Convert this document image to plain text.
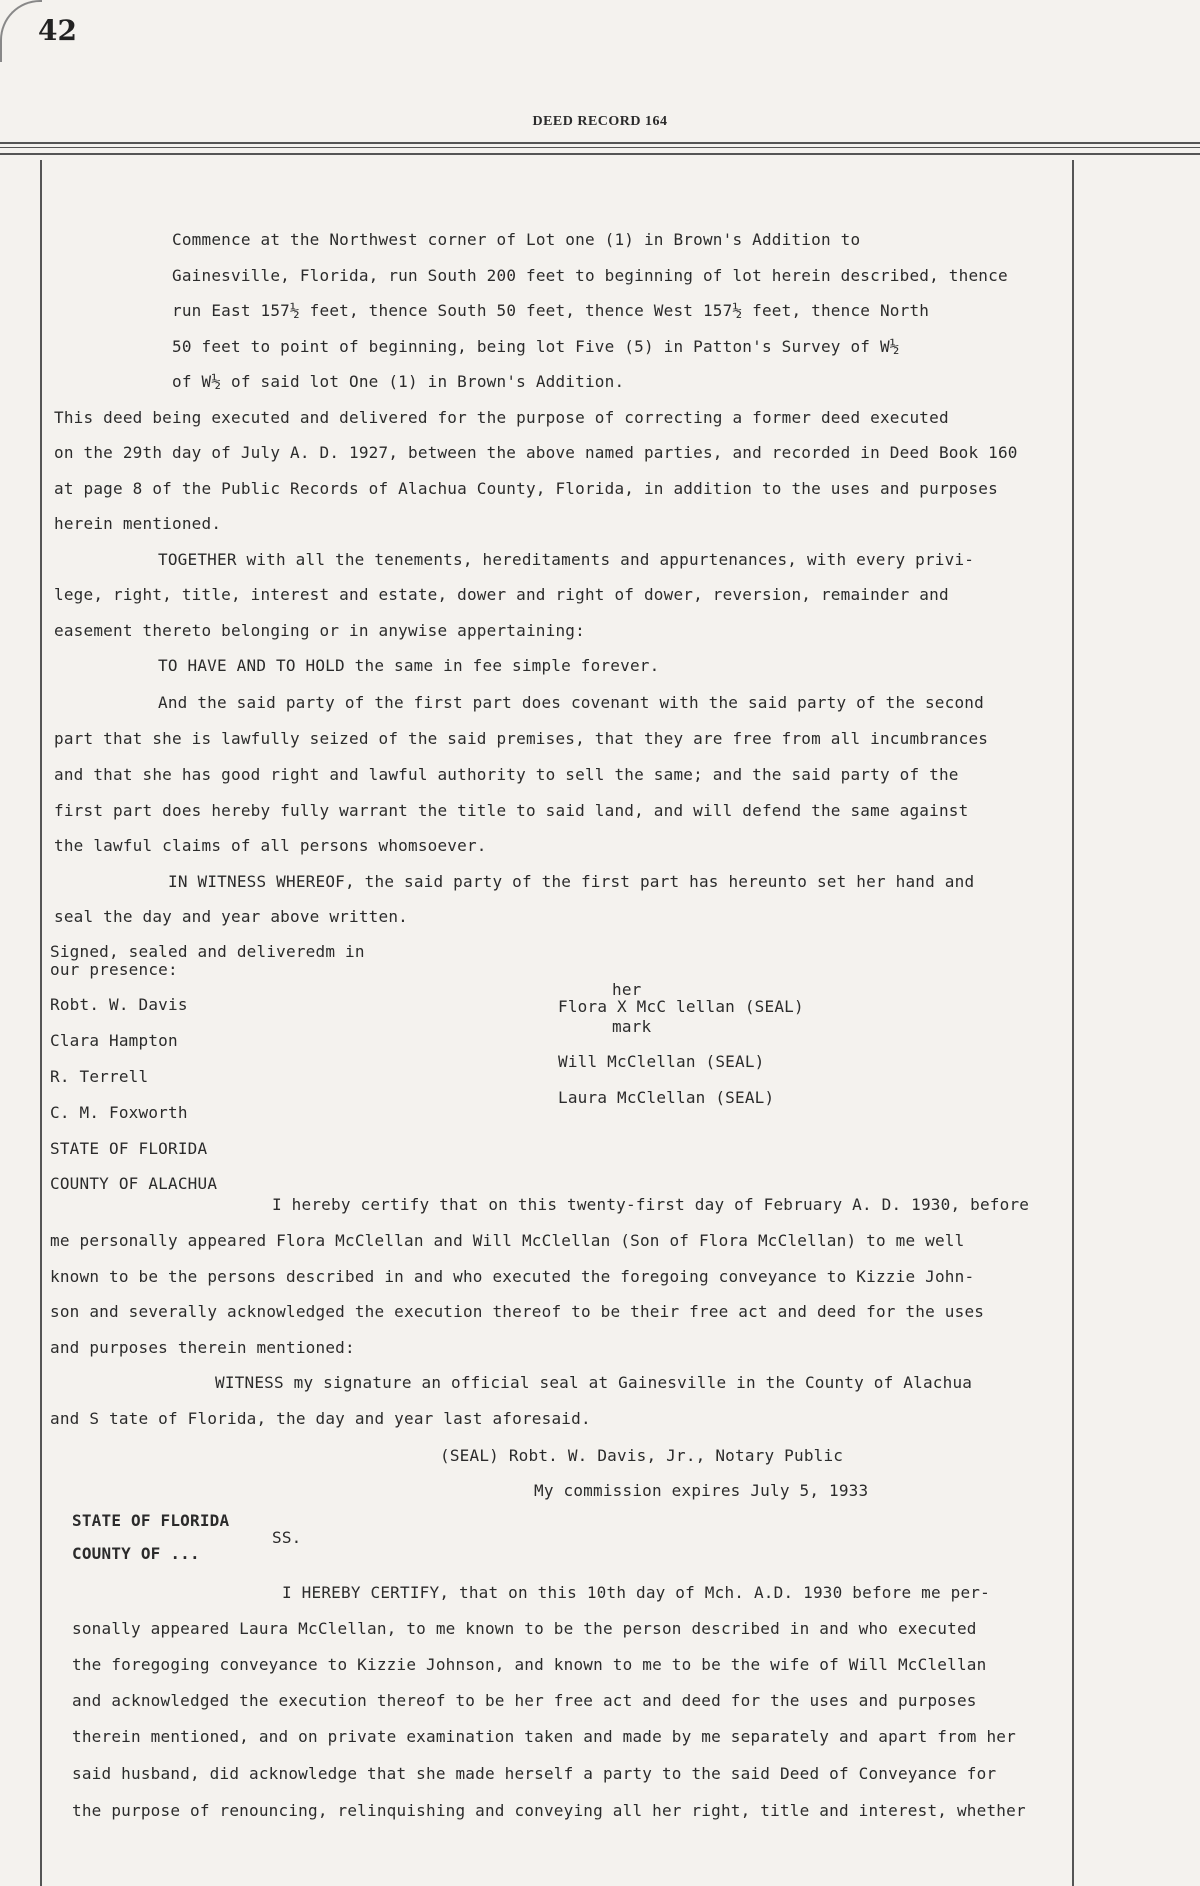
42
DEED RECORD 164
Commence at the Northwest corner of Lot one (1) in Brown's Addition to
Gainesville, Florida, run South 200 feet to beginning of lot herein described, thence
run East 157½ feet, thence South 50 feet, thence West 157½ feet, thence North
50 feet to point of beginning, being lot Five (5) in Patton's Survey of W½
of W½ of said lot One (1) in Brown's Addition.
This deed being executed and delivered for the purpose of correcting a former deed executed
on the 29th day of July A. D. 1927, between the above named parties, and recorded in Deed Book 160
at page 8 of the Public Records of Alachua County, Florida, in addition to the uses and purposes
herein mentioned.
TOGETHER with all the tenements, hereditaments and appurtenances, with every privi-
lege, right, title, interest and estate, dower and right of dower, reversion, remainder and
easement thereto belonging or in anywise appertaining:
TO HAVE AND TO HOLD the same in fee simple forever.
And the said party of the first part does covenant with the said party of the second
part that she is lawfully seized of the said premises, that they are free from all incumbrances
and that she has good right and lawful authority to sell the same; and the said party of the
first part does hereby fully warrant the title to said land, and will defend the same against
the lawful claims of all persons whomsoever.
IN WITNESS WHEREOF, the said party of the first part has hereunto set her hand and
seal the day and year above written.
Signed, sealed and deliveredm in
our presence:
her
Robt. W. Davis	Flora X McC lellan (SEAL)
mark
Clara Hampton
Will McClellan (SEAL)
R. Terrell
Laura McClellan (SEAL)
C. M. Foxworth
STATE OF FLORIDA
COUNTY OF ALACHUA
I hereby certify that on this twenty-first day of February A. D. 1930, before
me personally appeared Flora McClellan and Will McClellan (Son of Flora McClellan) to me well
known to be the persons described in and who executed the foregoing conveyance to Kizzie John-
son and severally acknowledged the execution thereof to be their free act and deed for the uses
and purposes therein mentioned:
WITNESS my signature an official seal at Gainesville in the County of Alachua
and S tate of Florida, the day and year last aforesaid.
(SEAL) Robt. W. Davis, Jr., Notary Public
My commission expires July 5, 1933
STATE OF FLORIDA
SS.
COUNTY OF ...
I HEREBY CERTIFY, that on this 10th day of Mch. A.D. 1930 before me per-
sonally appeared Laura McClellan, to me known to be the person described in and who executed
the foregoging conveyance to Kizzie Johnson, and known to me to be the wife of Will McClellan
and acknowledged the execution thereof to be her free act and deed for the uses and purposes
therein mentioned, and on private examination taken and made by me separately and apart from her
said husband, did acknowledge that she made herself a party to the said Deed of Conveyance for
the purpose of renouncing, relinquishing and conveying all her right, title and interest, whether
